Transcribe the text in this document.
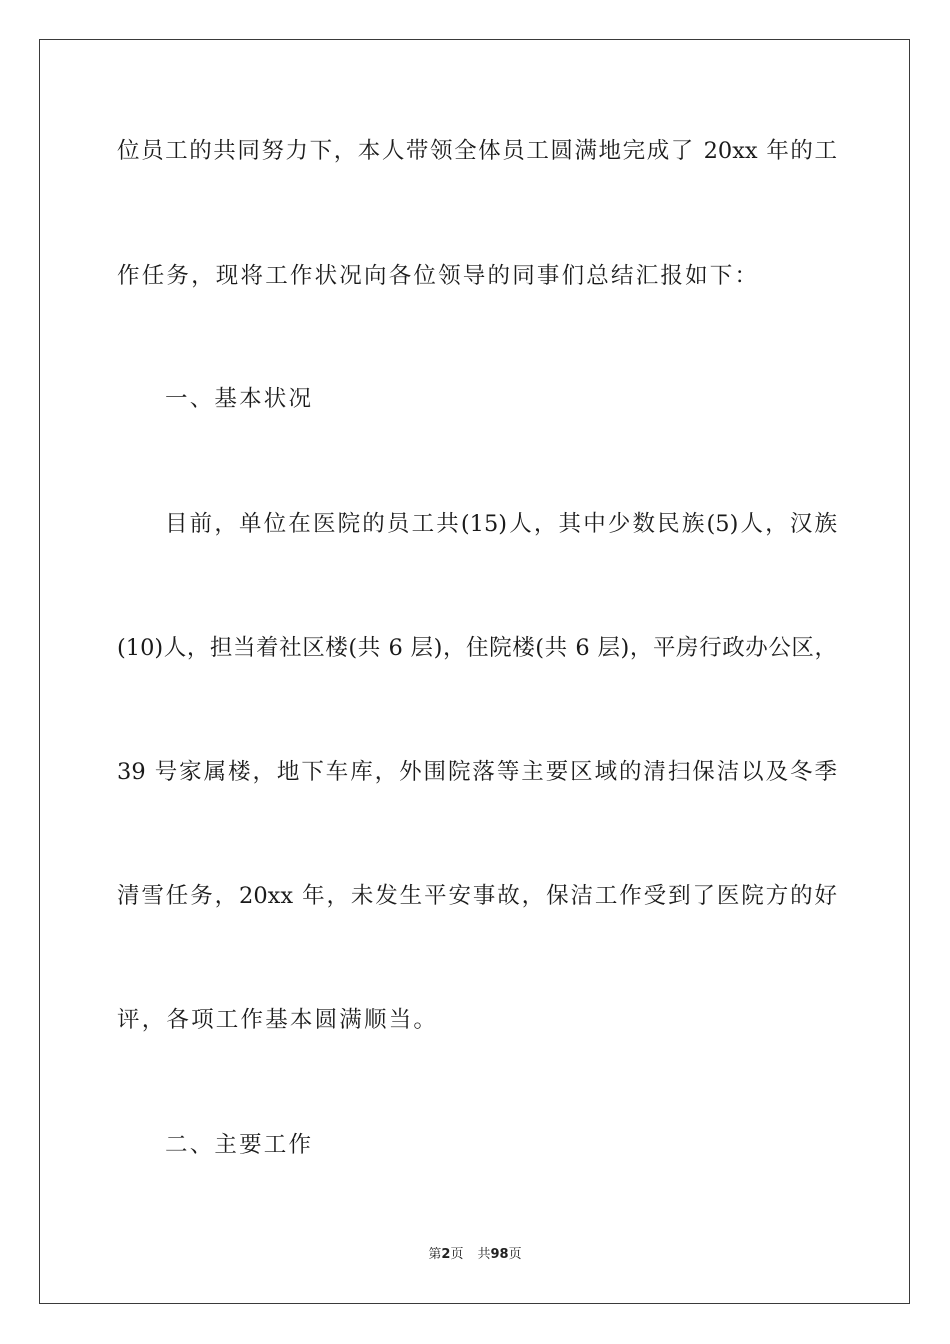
位员工的共同努力下，本人带领全体员工圆满地完成了 20xx 年的工
作任务，现将工作状况向各位领导的同事们总结汇报如下：
一、基本状况
目前，单位在医院的员工共(15)人，其中少数民族(5)人，汉族
(10)人，担当着社区楼(共 6 层)，住院楼(共 6 层)，平房行政办公区，
39 号家属楼，地下车库，外围院落等主要区域的清扫保洁以及冬季
清雪任务，20xx 年，未发生平安事故，保洁工作受到了医院方的好
评，各项工作基本圆满顺当。
二、主要工作
第2页 共98页
